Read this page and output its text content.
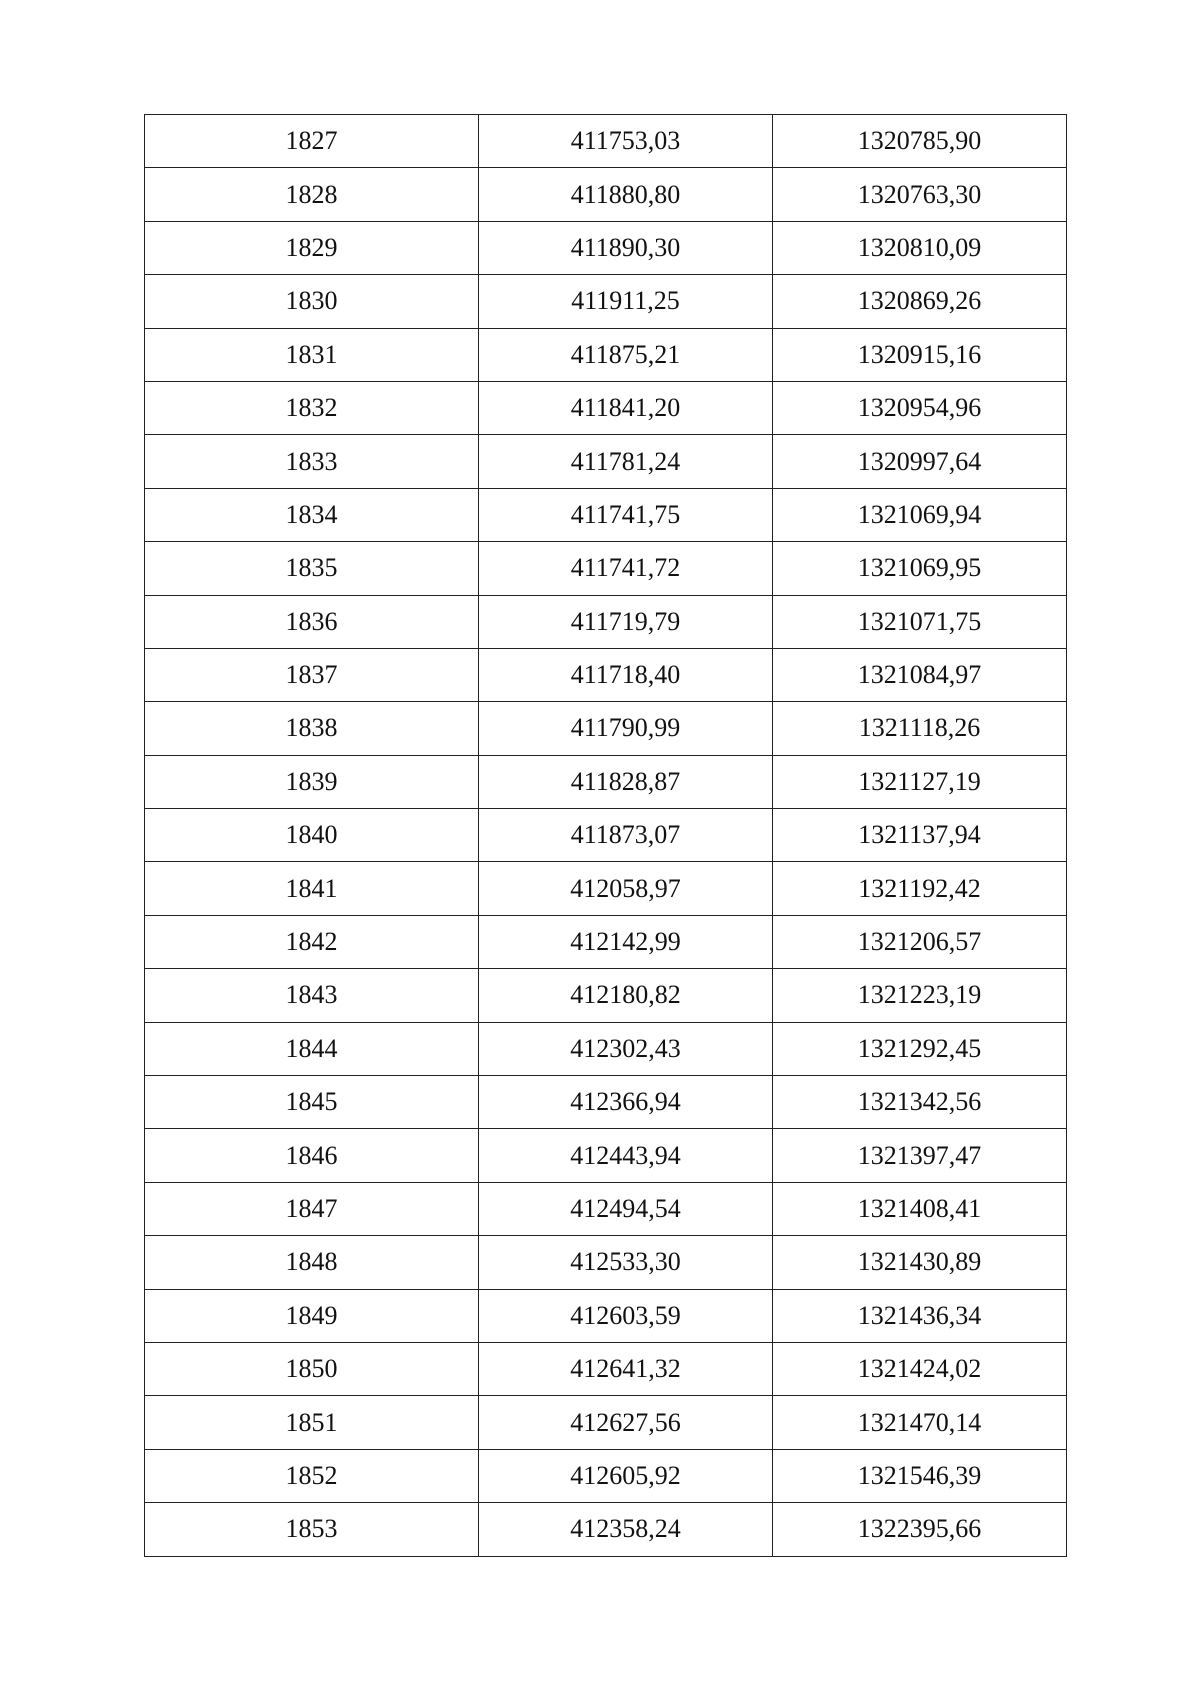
1827	411753,03	1320785,90
1828	411880,80	1320763,30
1829	411890,30	1320810,09
1830	411911,25	1320869,26
1831	411875,21	1320915,16
1832	411841,20	1320954,96
1833	411781,24	1320997,64
1834	411741,75	1321069,94
1835	411741,72	1321069,95
1836	411719,79	1321071,75
1837	411718,40	1321084,97
1838	411790,99	1321118,26
1839	411828,87	1321127,19
1840	411873,07	1321137,94
1841	412058,97	1321192,42
1842	412142,99	1321206,57
1843	412180,82	1321223,19
1844	412302,43	1321292,45
1845	412366,94	1321342,56
1846	412443,94	1321397,47
1847	412494,54	1321408,41
1848	412533,30	1321430,89
1849	412603,59	1321436,34
1850	412641,32	1321424,02
1851	412627,56	1321470,14
1852	412605,92	1321546,39
1853	412358,24	1322395,66
